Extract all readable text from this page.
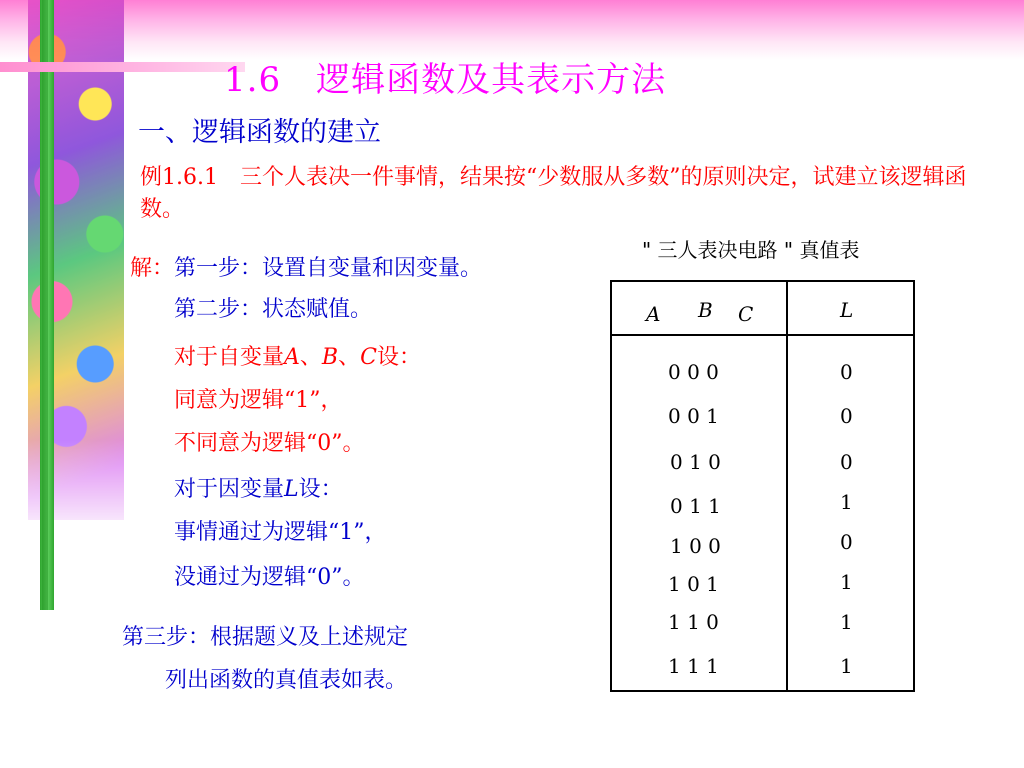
1.6　逻辑函数及其表示方法
一、逻辑函数的建立
例1.6.1　三个人表决一件事情，结果按“少数服从多数”的原则决定，试建立该逻辑函数。
解：第一步：设置自变量和因变量。
第二步：状态赋值。
对于自变量A、B、C设：
同意为逻辑“1”，
不同意为逻辑“0”。
对于因变量L设：
事情通过为逻辑“1”，
没通过为逻辑“0”。
第三步：根据题义及上述规定
列出函数的真值表如表。
" 三人表决电路 " 真值表
A B C	L
0 0 0	0
0 0 1	0
0 1 0	0
0 1 1	1
1 0 0	0
1 0 1	1
1 1 0	1
1 1 1	1
